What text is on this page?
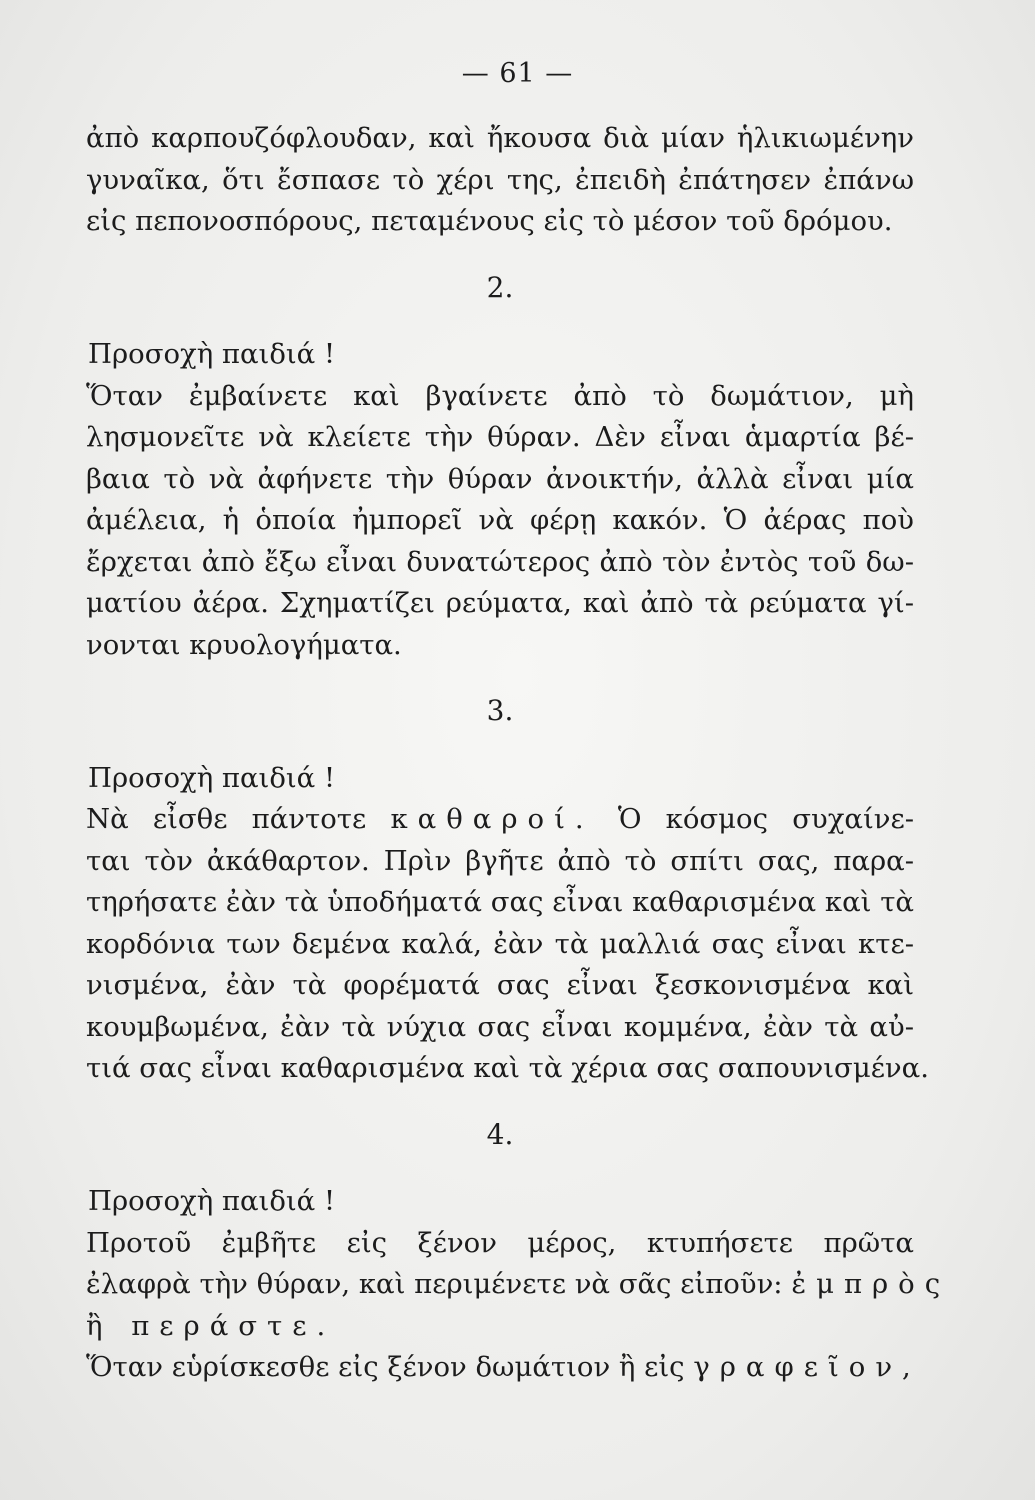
— 61 —
ἀπὸ καρπουζόφλουδαν, καὶ ἤκουσα διὰ μίαν ἡλικιωμένην
γυναῖκα, ὅτι ἔσπασε τὸ χέρι της, ἐπειδὴ ἐπάτησεν ἐπάνω
εἰς πεπονοσπόρους, πεταμένους εἰς τὸ μέσον τοῦ δρόμου.
2.
Προσοχὴ παιδιά !
Ὅταν ἐμβαίνετε καὶ βγαίνετε ἀπὸ τὸ δωμάτιον, μὴ
λησμονεῖτε νὰ κλείετε τὴν θύραν. Δὲν εἶναι ἁμαρτία βέ-
βαια τὸ νὰ ἀφήνετε τὴν θύραν ἀνοικτήν, ἀλλὰ εἶναι μία
ἀμέλεια, ἡ ὁποία ἠμπορεῖ νὰ φέρῃ κακόν. Ὁ ἀέρας ποὺ
ἔρχεται ἀπὸ ἔξω εἶναι δυνατώτερος ἀπὸ τὸν ἐντὸς τοῦ δω-
ματίου ἀέρα. Σχηματίζει ρεύματα, καὶ ἀπὸ τὰ ρεύματα γί-
νονται κρυολογήματα.
3.
Προσοχὴ παιδιά !
Νὰ εἶσθε πάντοτε καθαροί. Ὁ κόσμος συχαίνε-
ται τὸν ἀκάθαρτον. Πρὶν βγῆτε ἀπὸ τὸ σπίτι σας, παρα-
τηρήσατε ἐὰν τὰ ὑποδήματά σας εἶναι καθαρισμένα καὶ τὰ
κορδόνια των δεμένα καλά, ἐὰν τὰ μαλλιά σας εἶναι κτε-
νισμένα, ἐὰν τὰ φορέματά σας εἶναι ξεσκονισμένα καὶ
κουμβωμένα, ἐὰν τὰ νύχια σας εἶναι κομμένα, ἐὰν τὰ αὐ-
τιά σας εἶναι καθαρισμένα καὶ τὰ χέρια σας σαπουνισμένα.
4.
Προσοχὴ παιδιά !
Προτοῦ ἐμβῆτε εἰς ξένον μέρος, κτυπήσετε πρῶτα
ἐλαφρὰ τὴν θύραν, καὶ περιμένετε νὰ σᾶς εἰποῦν: ἐμπρὸς
ἢ περάστε.
Ὅταν εὑρίσκεσθε εἰς ξένον δωμάτιον ἢ εἰς γραφεῖον,
